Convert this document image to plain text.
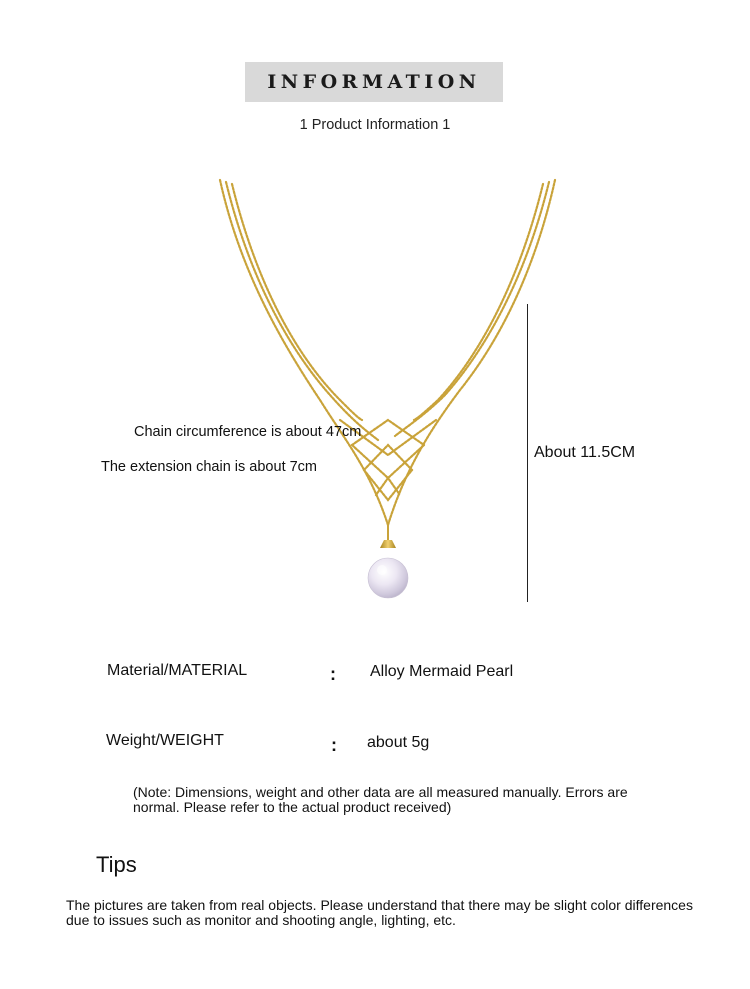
INFORMATION
1 Product Information 1
Chain circumference is about 47cm
The extension chain is about 7cm
About 11.5CM
Material/MATERIAL	: Alloy Mermaid Pearl
Weight/WEIGHT	: about 5g
(Note: Dimensions, weight and other data are all measured manually. Errors are normal. Please refer to the actual product received)
Tips
The pictures are taken from real objects. Please understand that there may be slight color differences due to issues such as monitor and shooting angle, lighting, etc.
